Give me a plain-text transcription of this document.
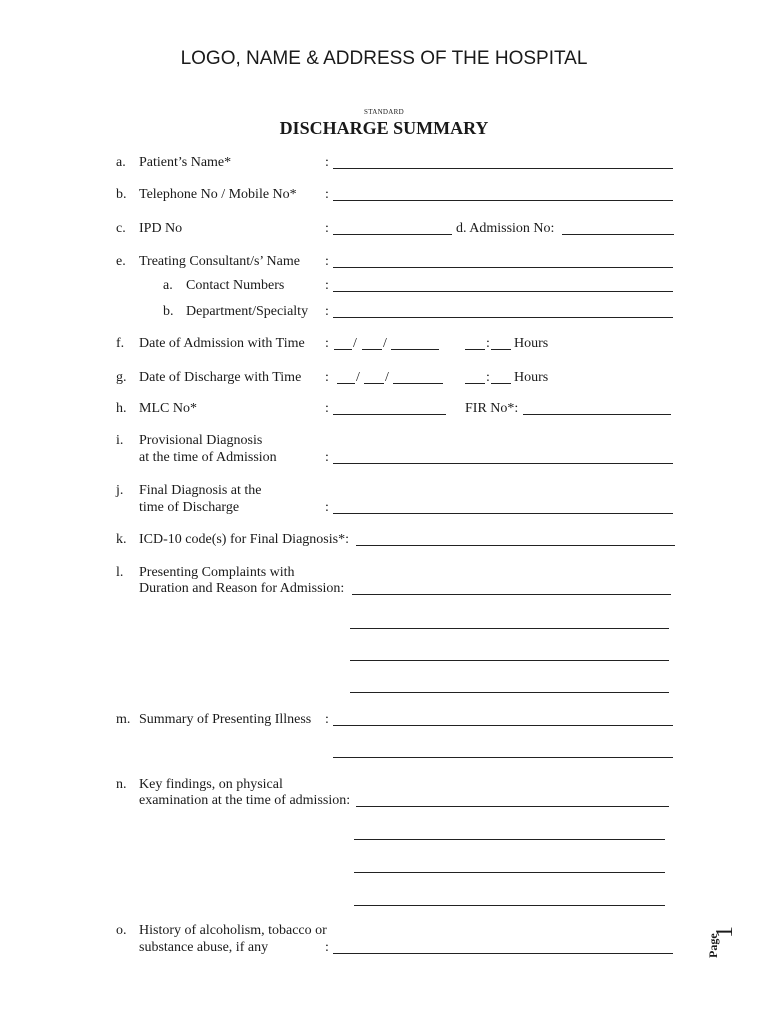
LOGO, NAME & ADDRESS OF THE HOSPITAL
STANDARD
DISCHARGE SUMMARY
a. Patient’s Name*	:
b. Telephone No / Mobile No* :
c. IPD No	:	d. Admission No:
e. Treating Consultant/s’ Name :
a. Contact Numbers	:
b. Department/Specialty :
f. Date of Admission with Time : / /	: Hours
g. Date of Discharge with Time : / /	: Hours
h. MLC No*	:	FIR No*:
i. Provisional Diagnosis
at the time of Admission	:
j. Final Diagnosis at the
time of Discharge	:
k. ICD-10 code(s) for Final Diagnosis*:
l. Presenting Complaints with
Duration and Reason for Admission:
m. Summary of Presenting Illness :
n. Key findings, on physical
examination at the time of admission:
o. History of alcoholism, tobacco or
substance abuse, if any	:	Page
1
